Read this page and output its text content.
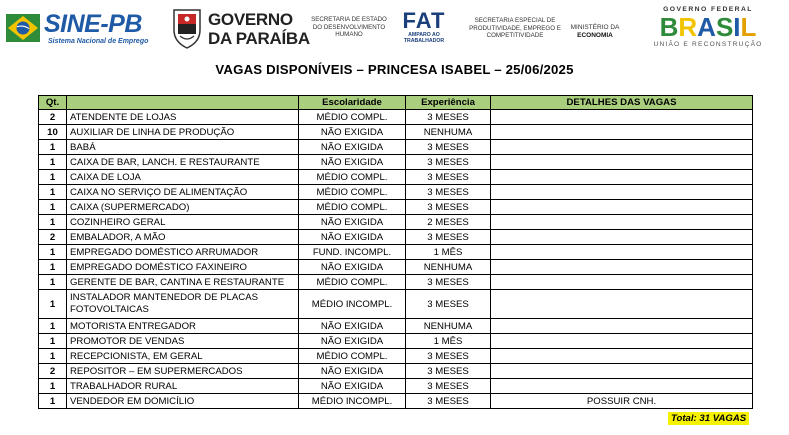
SINE-PB
Sistema Nacional de Emprego
GOVERNO
DA PARAÍBA
SECRETARIA DE ESTADO
DO DESENVOLVIMENTO
HUMANO
FAT
AMPARO AO
TRABALHADOR
SECRETARIA ESPECIAL DE
PRODUTIVIDADE, EMPREGO E
COMPETITIVIDADE
MINISTÉRIO DA
ECONOMIA
GOVERNO FEDERAL
BRASIL
UNIÃO E RECONSTRUÇÃO
VAGAS DISPONÍVEIS – PRINCESA ISABEL – 25/06/2025
Qt.		Escolaridade	Experiência	DETALHES DAS VAGAS
2	ATENDENTE DE LOJAS	MÉDIO COMPL.	3 MESES	
10	AUXILIAR DE LINHA DE PRODUÇÃO	NÃO EXIGIDA	NENHUMA	
1	BABÁ	NÃO EXIGIDA	3 MESES	
1	CAIXA DE BAR, LANCH. E RESTAURANTE	NÃO EXIGIDA	3 MESES	
1	CAIXA DE LOJA	MÉDIO COMPL.	3 MESES	
1	CAIXA NO SERVIÇO DE ALIMENTAÇÃO	MÉDIO COMPL.	3 MESES	
1	CAIXA (SUPERMERCADO)	MÉDIO COMPL.	3 MESES	
1	COZINHEIRO GERAL	NÃO EXIGIDA	2 MESES	
2	EMBALADOR, A MÃO	NÃO EXIGIDA	3 MESES	
1	EMPREGADO DOMÉSTICO ARRUMADOR	FUND. INCOMPL.	1 MÊS	
1	EMPREGADO DOMÉSTICO FAXINEIRO	NÃO EXIGIDA	NENHUMA	
1	GERENTE DE BAR, CANTINA E RESTAURANTE	MÉDIO COMPL.	3 MESES	
1	INSTALADOR MANTENEDOR DE PLACAS FOTOVOLTAICAS	MÉDIO INCOMPL.	3 MESES	
1	MOTORISTA ENTREGADOR	NÃO EXIGIDA	NENHUMA	
1	PROMOTOR DE VENDAS	NÃO EXIGIDA	1 MÊS	
1	RECEPCIONISTA, EM GERAL	MÉDIO COMPL.	3 MESES	
2	REPOSITOR – EM SUPERMERCADOS	NÃO EXIGIDA	3 MESES	
1	TRABALHADOR RURAL	NÃO EXIGIDA	3 MESES	
1	VENDEDOR EM DOMICÍLIO	MÉDIO INCOMPL.	3 MESES	POSSUIR CNH.
Total: 31 VAGAS
